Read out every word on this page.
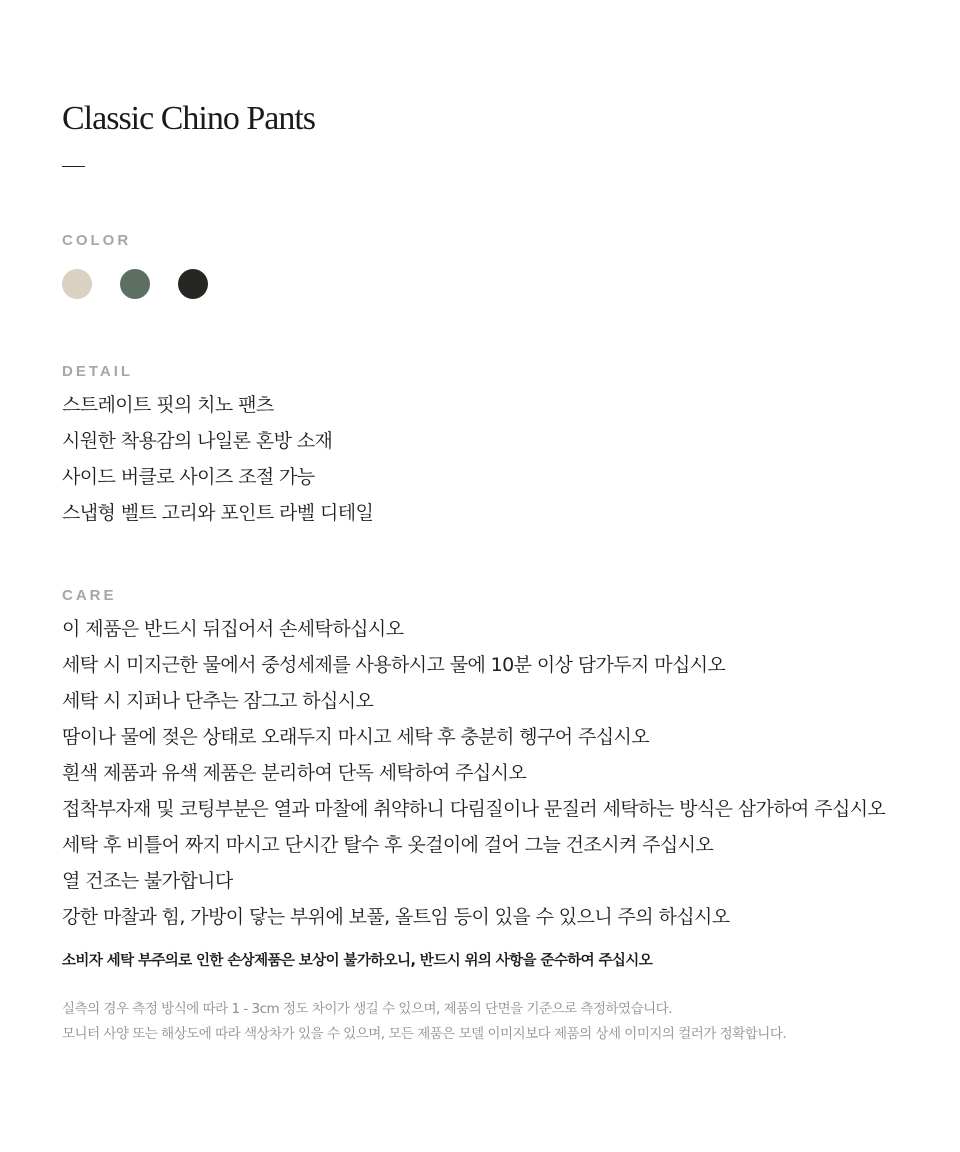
Classic Chino Pants
COLOR
DETAIL
스트레이트 핏의 치노 팬츠
시원한 착용감의 나일론 혼방 소재
사이드 버클로 사이즈 조절 가능
스냅형 벨트 고리와 포인트 라벨 디테일
CARE
이 제품은 반드시 뒤집어서 손세탁하십시오
세탁 시 미지근한 물에서 중성세제를 사용하시고 물에 10분 이상 담가두지 마십시오
세탁 시 지퍼나 단추는 잠그고 하십시오
땀이나 물에 젖은 상태로 오래두지 마시고 세탁 후 충분히 헹구어 주십시오
흰색 제품과 유색 제품은 분리하여 단독 세탁하여 주십시오
접착부자재 및 코팅부분은 열과 마찰에 취약하니 다림질이나 문질러 세탁하는 방식은 삼가하여 주십시오
세탁 후 비틀어 짜지 마시고 단시간 탈수 후 옷걸이에 걸어 그늘 건조시켜 주십시오
열 건조는 불가합니다
강한 마찰과 힘, 가방이 닿는 부위에 보풀, 올트임 등이 있을 수 있으니 주의 하십시오

소비자 세탁 부주의로 인한 손상제품은 보상이 불가하오니, 반드시 위의 사항을 준수하여 주십시오

실측의 경우 측정 방식에 따라 1 - 3cm 정도 차이가 생길 수 있으며, 제품의 단면을 기준으로 측정하였습니다.
모니터 사양 또는 해상도에 따라 색상차가 있을 수 있으며, 모든 제품은 모델 이미지보다 제품의 상세 이미지의 컬러가 정확합니다.
